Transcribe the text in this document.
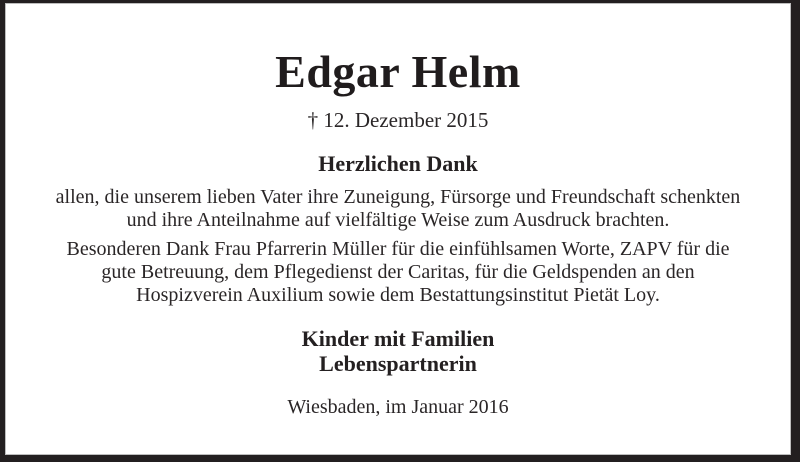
Edgar Helm
† 12. Dezember 2015
Herzlichen Dank
allen, die unserem lieben Vater ihre Zuneigung, Fürsorge und Freundschaft schenkten
und ihre Anteilnahme auf vielfältige Weise zum Ausdruck brachten.
Besonderen Dank Frau Pfarrerin Müller für die einfühlsamen Worte, ZAPV für die
gute Betreuung, dem Pflegedienst der Caritas, für die Geldspenden an den
Hospizverein Auxilium sowie dem Bestattungsinstitut Pietät Loy.
Kinder mit Familien
Lebenspartnerin
Wiesbaden, im Januar 2016
